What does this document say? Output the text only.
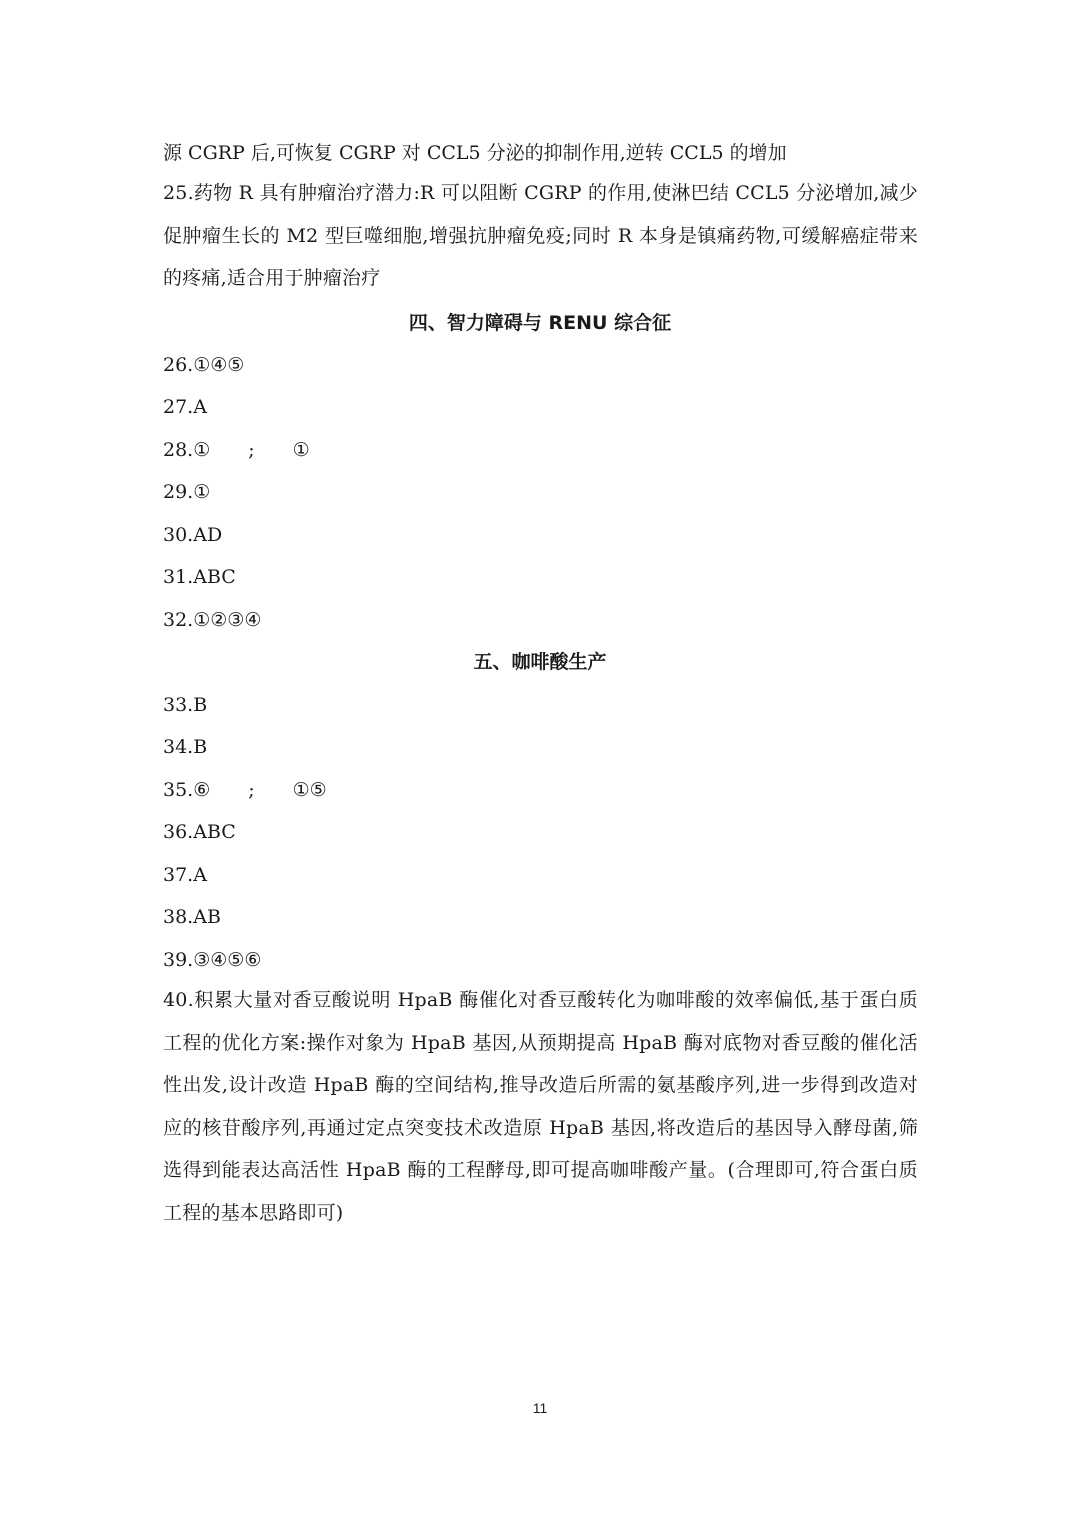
源 CGRP 后,可恢复 CGRP 对 CCL5 分泌的抑制作用,逆转 CCL5 的增加

25.药物 R 具有肿瘤治疗潜力:R 可以阻断 CGRP 的作用,使淋巴结 CCL5 分泌增加,减少促肿瘤生长的 M2 型巨噬细胞,增强抗肿瘤免疫;同时 R 本身是镇痛药物,可缓解癌症带来的疼痛,适合用于肿瘤治疗

四、智力障碍与 RENU 综合征

26.①④⑤

27.A

28.①　　;　　①

29.①

30.AD

31.ABC

32.①②③④

五、咖啡酸生产

33.B

34.B

35.⑥　　;　　①⑤

36.ABC

37.A

38.AB

39.③④⑤⑥

40.积累大量对香豆酸说明 HpaB 酶催化对香豆酸转化为咖啡酸的效率偏低,基于蛋白质工程的优化方案:操作对象为 HpaB 基因,从预期提高 HpaB 酶对底物对香豆酸的催化活性出发,设计改造 HpaB 酶的空间结构,推导改造后所需的氨基酸序列,进一步得到改造对应的核苷酸序列,再通过定点突变技术改造原 HpaB 基因,将改造后的基因导入酵母菌,筛选得到能表达高活性 HpaB 酶的工程酵母,即可提高咖啡酸产量。(合理即可,符合蛋白质工程的基本思路即可)

11
